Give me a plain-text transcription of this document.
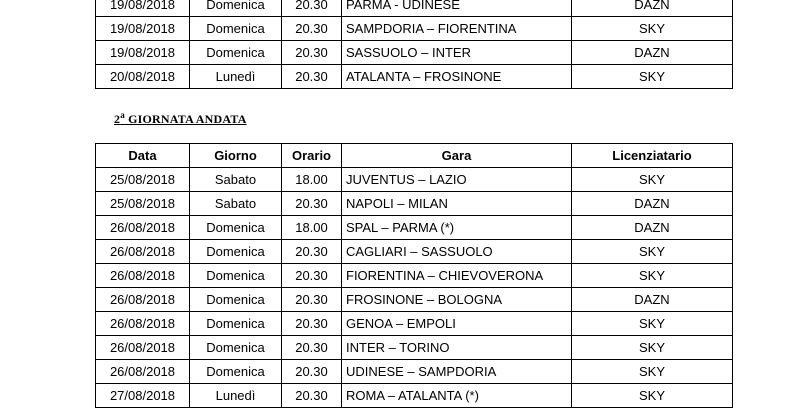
19/08/2018	Domenica	20.30	PARMA - UDINESE	DAZN
19/08/2018	Domenica	20.30	SAMPDORIA – FIORENTINA	SKY
19/08/2018	Domenica	20.30	SASSUOLO – INTER	DAZN
20/08/2018	Lunedì	20.30	ATALANTA – FROSINONE	SKY
2$^a$ GIORNATA ANDATA
Data	Giorno	Orario	Gara	Licenziatario
25/08/2018	Sabato	18.00	JUVENTUS – LAZIO	SKY
25/08/2018	Sabato	20.30	NAPOLI – MILAN	DAZN
26/08/2018	Domenica	18.00	SPAL – PARMA (*)	DAZN
26/08/2018	Domenica	20.30	CAGLIARI – SASSUOLO	SKY
26/08/2018	Domenica	20.30	FIORENTINA – CHIEVOVERONA	SKY
26/08/2018	Domenica	20.30	FROSINONE – BOLOGNA	DAZN
26/08/2018	Domenica	20.30	GENOA – EMPOLI	SKY
26/08/2018	Domenica	20.30	INTER – TORINO	SKY
26/08/2018	Domenica	20.30	UDINESE – SAMPDORIA	SKY
27/08/2018	Lunedì	20.30	ROMA – ATALANTA (*)	SKY
